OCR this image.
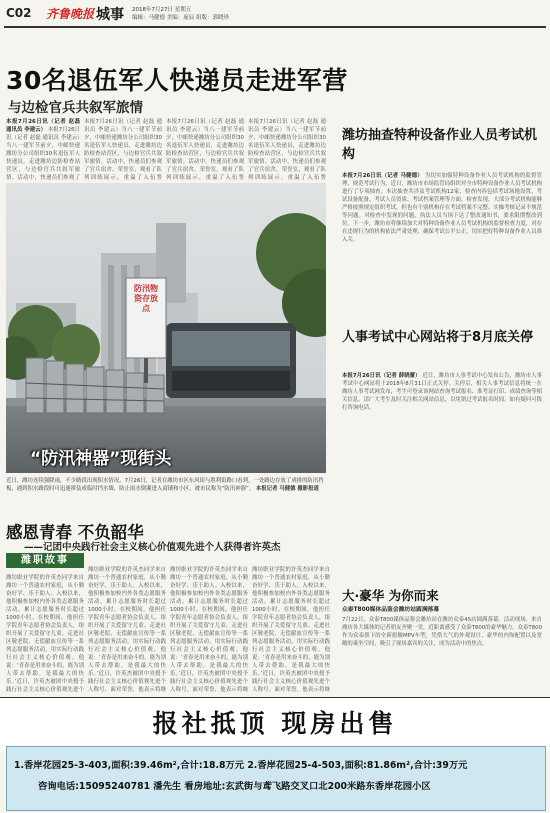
C02 齐鲁晚报 城事 2018年7月27日 星期五
编辑：马健德 美编：庞辰 组版：郭晓珍
30名退伍军人快递员走进军营
与边检官兵共叙军旅情
本报7月26日讯（记者 赵磊 通讯员 李建云） 本报7月26日讯（记者 赵磊 通讯员 李建云）当八一建军节前夕，中邮快递潍坊分公司组织30名退伍军人快递员，走进潍坊边防检查站营区，与边检官兵共叙军旅情。活动中，快递员们参观了
本报7月26日讯（记者 赵磊 通讯员 李建云）当八一建军节前夕，中邮快递潍坊分公司组织30名退伍军人快递员，走进潍坊边防检查站营区，与边检官兵共叙军旅情。活动中，快递员们参观了官兵宿舍、荣誉室，观看了队列训练展示，重温了入伍誓
本报7月26日讯（记者 赵磊 通讯员 李建云）当八一建军节前夕，中邮快递潍坊分公司组织30名退伍军人快递员，走进潍坊边防检查站营区，与边检官兵共叙军旅情。活动中，快递员们参观了官兵宿舍、荣誉室，观看了队列训练展示，重温了入伍誓
本报7月26日讯（记者 赵磊 通讯员 李建云）当八一建军节前夕，中邮快递潍坊分公司组织30名退伍军人快递员，走进潍坊边防检查站营区，与边检官兵共叙军旅情。活动中，快递员们参观了官兵宿舍、荣誉室，观看了队列训练展示，重温了入伍誓
防汛物资存放点
“防汛神器”现街头
近日，潍坊连续强降雨，不少路段出现积水情况。7月26日，记者在潍坊市区东风街与胜利街路口看到，一处路边存放了成排的防汛挡板，遇到积水路段时可迅速拼装成临时挡水墙，防止雨水倒灌进入商铺和小区，被市民称为“防汛神器”。 本报记者 马健德 摄影报道
潍坊抽查特种设备作业人员考试机构
本报7月26日讯（记者 马健德） 为切实加强特种设备作业人员考试机构的监督管理，规范考试行为，近日，潍坊市市场监管局组织对全市特种设备作业人员考试机构进行了专项抽查。本次抽查共涉及考试机构12家，检查内容包括考试场地设置、考试设备配备、考试人员资质、考试档案管理等方面。检查发现，大部分考试机构能够严格按照规定组织考试，但也有个别机构存在考试档案不完整、实操考核记录不规范等问题。对检查中发现的问题，执法人员当场下达了整改通知书，要求限期整改到位。下一步，潍坊市将继续加大对特种设备作业人员考试机构的监督检查力度，对存在违规行为的机构依法严肃处理，确保考试公平公正，切实把好特种设备作业人员准入关。
人事考试中心网站将于8月底关停
本报7月26日讯（记者 薛晓蕾） 近日，潍坊市人事考试中心发布公告，潍坊市人事考试中心网站将于2018年8月31日正式关停。关停后，相关人事考试信息将统一在潍坊人事考试网发布，考生可登录该网站查询考试报名、准考证打印、成绩查询等相关信息。请广大考生及时关注相关网站信息，以免错过考试报名时间。如有疑问可拨打咨询电话。
大·豪华 为你而来
众泰T800媒体品鉴会潍坊站圆满落幕
7月22日，众泰T800媒体品鉴会潍坊站在潍坊众泰4S店圆满落幕。活动现场，来自潍坊各大媒体的记者朋友齐聚一堂，近距离感受了众泰T800的豪华魅力。众泰T800作为众泰旗下的全新旗舰MPV车型，凭借大气的外观设计、豪华的内饰配置以及宽敞的乘坐空间，吸引了现场嘉宾的关注，成为活动中的焦点。
感恩青春 不负韶华
——记团中央践行社会主义核心价值观先进个人获得者许英杰
潍职故事
潍坊职业学院的许英杰同学来自潍坊一个普通农村家庭，从小勤奋好学、乐于助人。入校以来，他积极参加校内外各类志愿服务活动，累计志愿服务时长超过1000小时。在校期间，他担任学院青年志愿者协会负责人，组织开展了关爱留守儿童、走进社区敬老院、无偿献血宣传等一系列志愿服务活动，用实际行动践行社会主义核心价值观。他说：‘青春是用来奋斗的，能为别人带去帮助，是我最大的快乐。’近日，许英杰被团中央授予践行社会主义核心价值观先进个
潍坊职业学院的许英杰同学来自潍坊一个普通农村家庭，从小勤奋好学、乐于助人。入校以来，他积极参加校内外各类志愿服务活动，累计志愿服务时长超过1000小时。在校期间，他担任学院青年志愿者协会负责人，组织开展了关爱留守儿童、走进社区敬老院、无偿献血宣传等一系列志愿服务活动，用实际行动践行社会主义核心价值观。他说：‘青春是用来奋斗的，能为别人带去帮助，是我最大的快乐。’近日，许英杰被团中央授予践行社会主义核心价值观先进个人称号。面对荣誉，他表示将继
潍坊职业学院的许英杰同学来自潍坊一个普通农村家庭，从小勤奋好学、乐于助人。入校以来，他积极参加校内外各类志愿服务活动，累计志愿服务时长超过1000小时。在校期间，他担任学院青年志愿者协会负责人，组织开展了关爱留守儿童、走进社区敬老院、无偿献血宣传等一系列志愿服务活动，用实际行动践行社会主义核心价值观。他说：‘青春是用来奋斗的，能为别人带去帮助，是我最大的快乐。’近日，许英杰被团中央授予践行社会主义核心价值观先进个人称号。面对荣誉，他表示将继
潍坊职业学院的许英杰同学来自潍坊一个普通农村家庭，从小勤奋好学、乐于助人。入校以来，他积极参加校内外各类志愿服务活动，累计志愿服务时长超过1000小时。在校期间，他担任学院青年志愿者协会负责人，组织开展了关爱留守儿童、走进社区敬老院、无偿献血宣传等一系列志愿服务活动，用实际行动践行社会主义核心价值观。他说：‘青春是用来奋斗的，能为别人带去帮助，是我最大的快乐。’近日，许英杰被团中央授予践行社会主义核心价值观先进个人称号。面对荣誉，他表示将继
报社抵顶 现房出售
1.香岸花园25-3-403,面积:39.46m²,合计:18.8万元 2.香岸花园25-4-503,面积:81.86m²,合计:39万元
咨询电话:15095240781 潘先生 看房地址:玄武街与鸢飞路交叉口北200米路东香岸花园小区
